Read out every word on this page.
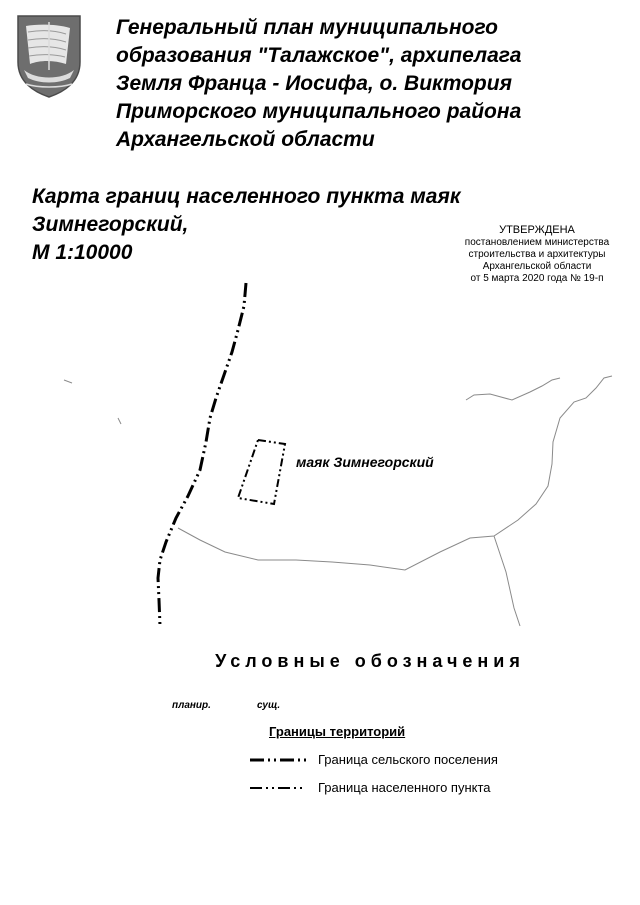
Генеральный план муниципального
образования "Талажское", архипелага
Земля Франца - Иосифа, о. Виктория
Приморского муниципального района
Архангельской области
Карта границ населенного пункта маяк
Зимнегорский,
М 1:10000
УТВЕРЖДЕНА
постановлением министерства
строительства и архитектуры
Архангельской области
от 5 марта 2020 года № 19-п
маяк Зимнегорский
Условные обозначения
планир.	сущ.
Границы территорий
Граница сельского поселения
Граница населенного пункта
